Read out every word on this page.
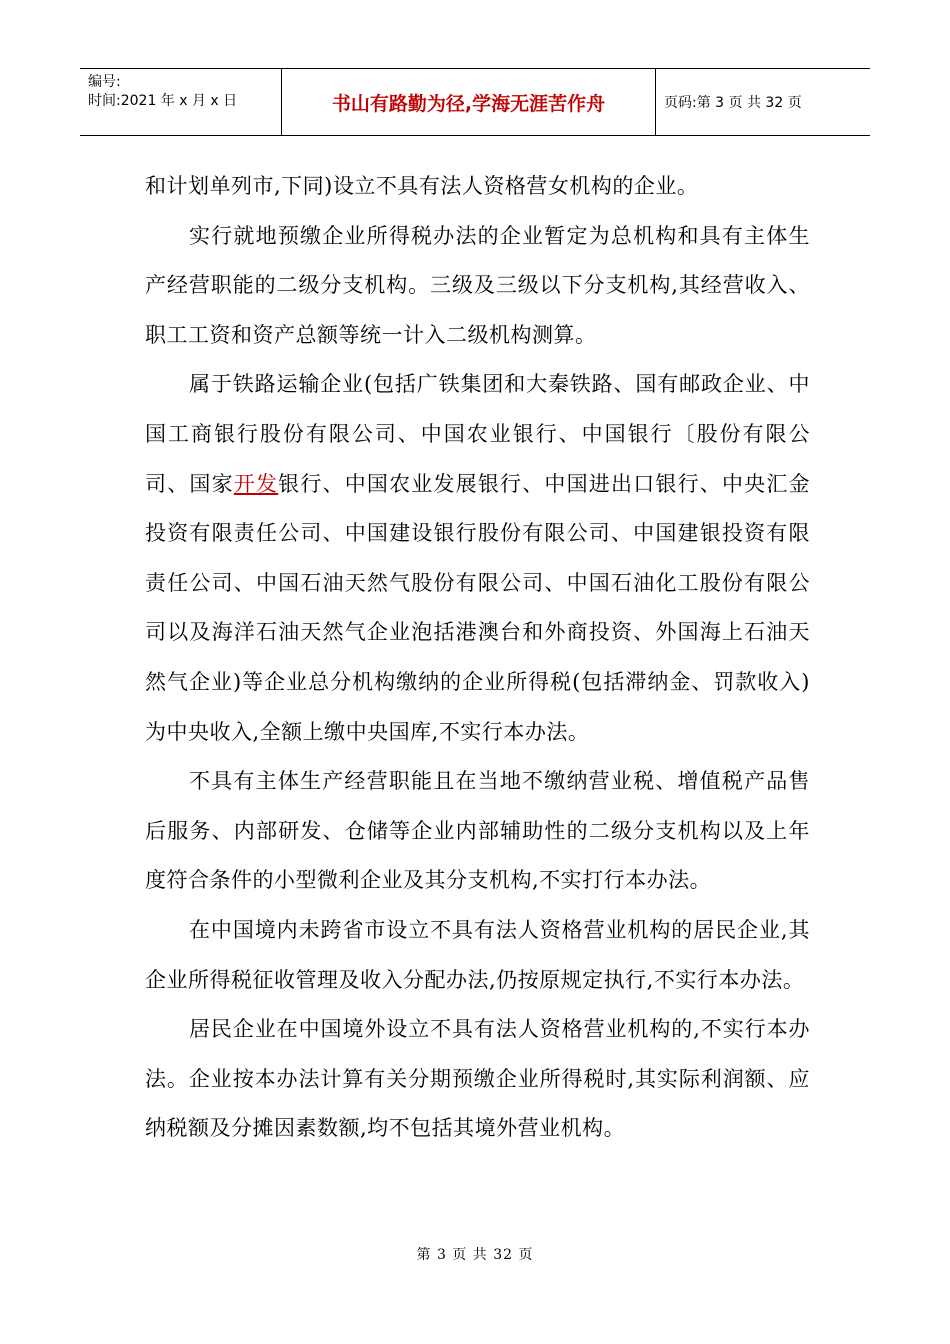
编号:
时间:2021 年 x 月 x 日	书山有路勤为径,学海无涯苦作舟	页码:第 3 页 共 32 页

和计划单列市,下同)设立不具有法人资格营女机构的企业。

实行就地预缴企业所得税办法的企业暂定为总机构和具有主体生产经营职能的二级分支机构。三级及三级以下分支机构,其经营收入、职工工资和资产总额等统一计入二级机构测算。

属于铁路运输企业(包括广铁集团和大秦铁路、国有邮政企业、中国工商银行股份有限公司、中国农业银行、中国银行〔股份有限公司、国家开发银行、中国农业发展银行、中国进出口银行、中央汇金投资有限责任公司、中国建设银行股份有限公司、中国建银投资有限责任公司、中国石油天然气股份有限公司、中国石油化工股份有限公司以及海洋石油天然气企业泡括港澳台和外商投资、外国海上石油天然气企业)等企业总分机构缴纳的企业所得税(包括滞纳金、罚款收入)为中央收入,全额上缴中央国库,不实行本办法。

不具有主体生产经营职能且在当地不缴纳营业税、增值税产品售后服务、内部研发、仓储等企业内部辅助性的二级分支机构以及上年度符合条件的小型微利企业及其分支机构,不实打行本办法。

在中国境内未跨省市设立不具有法人资格营业机构的居民企业,其企业所得税征收管理及收入分配办法,仍按原规定执行,不实行本办法。

居民企业在中国境外设立不具有法人资格营业机构的,不实行本办法。企业按本办法计算有关分期预缴企业所得税时,其实际利润额、应纳税额及分摊因素数额,均不包括其境外营业机构。

第 3 页 共 32 页
